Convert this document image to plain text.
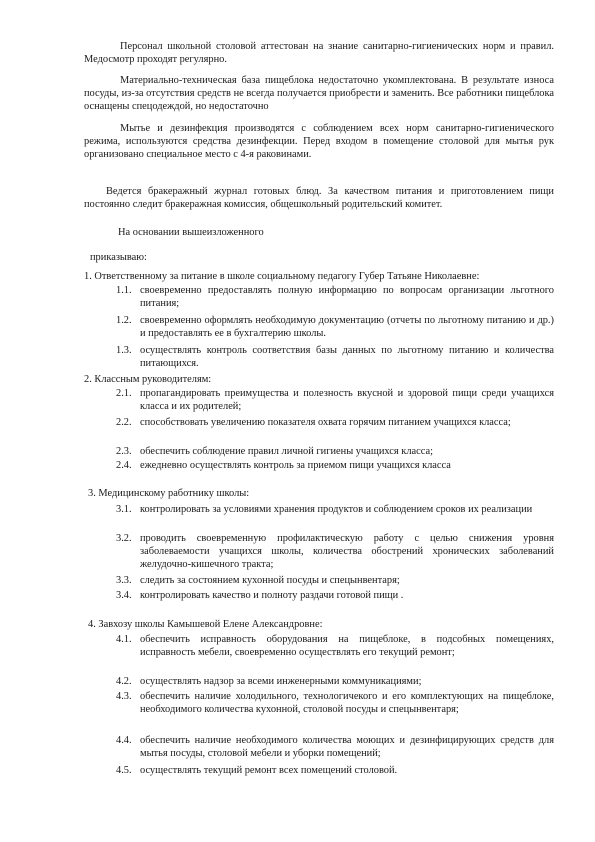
Персонал школьной столовой аттестован на знание санитарно-гигиенических норм и правил. Медосмотр проходят регулярно.

Материально-техническая база пищеблока недостаточно укомплектована. В результате износа посуды, из-за отсутствия средств не всегда получается приобрести и заменить. Все работники пищеблока оснащены спецодеждой, но недостаточно

Мытье и дезинфекция производятся с соблюдением всех норм санитарно-гигиенического режима, используются средства дезинфекции. Перед входом в помещение столовой для мытья рук организовано специальное место с 4-я раковинами.

Ведется бракеражный журнал готовых блюд. За качеством питания и приготовлением пищи постоянно следит бракеражная комиссия, общешкольный родительский комитет.

На основании вышеизложенного

приказываю:

1. Ответственному за питание в школе социальному педагогу Губер Татьяне Николаевне:

1.1. своевременно предоставлять полную информацию по вопросам организации льготного питания;
1.2. своевременно оформлять необходимую документацию (отчеты по льготному питанию и др.) и предоставлять ее в бухгалтерию школы.
1.3. осуществлять контроль соответствия базы данных по льготному питанию и количества питающихся.

2. Классным руководителям:

2.1. пропагандировать преимущества и полезность вкусной и здоровой пищи среди учащихся класса и их родителей;
2.2. способствовать увеличению показателя охвата горячим питанием учащихся класса;
2.3. обеспечить соблюдение правил личной гигиены учащихся класса;
2.4. ежедневно осуществлять контроль за приемом пищи учащихся класса

3. Медицинскому работнику школы:

3.1. контролировать за условиями хранения продуктов и соблюдением сроков их реализации
3.2. проводить своевременную профилактическую работу с целью снижения уровня заболеваемости учащихся школы, количества обострений хронических заболеваний желудочно-кишечного тракта;
3.3. следить за состоянием кухонной посуды и спецынвентаря;
3.4. контролировать качество и полноту раздачи готовой пищи .

4. Завхозу школы Камышевой Елене Александровне:

4.1. обеспечить исправность оборудования на пищеблоке, в подсобных помещениях, исправность мебели, своевременно осуществлять его текущий ремонт;
4.2. осуществлять надзор за всеми инженерными коммуникациями;
4.3. обеспечить наличие холодильного, технологичекого и его комплектующих на пищеблоке, необходимого количества кухонной, столовой посуды и спецынвентаря;
4.4. обеспечить наличие необходимого количества моющих и дезинфицирующих средств для мытья посуды, столовой мебели и уборки помещений;
4.5. осуществлять текущий ремонт всех помещений столовой.
